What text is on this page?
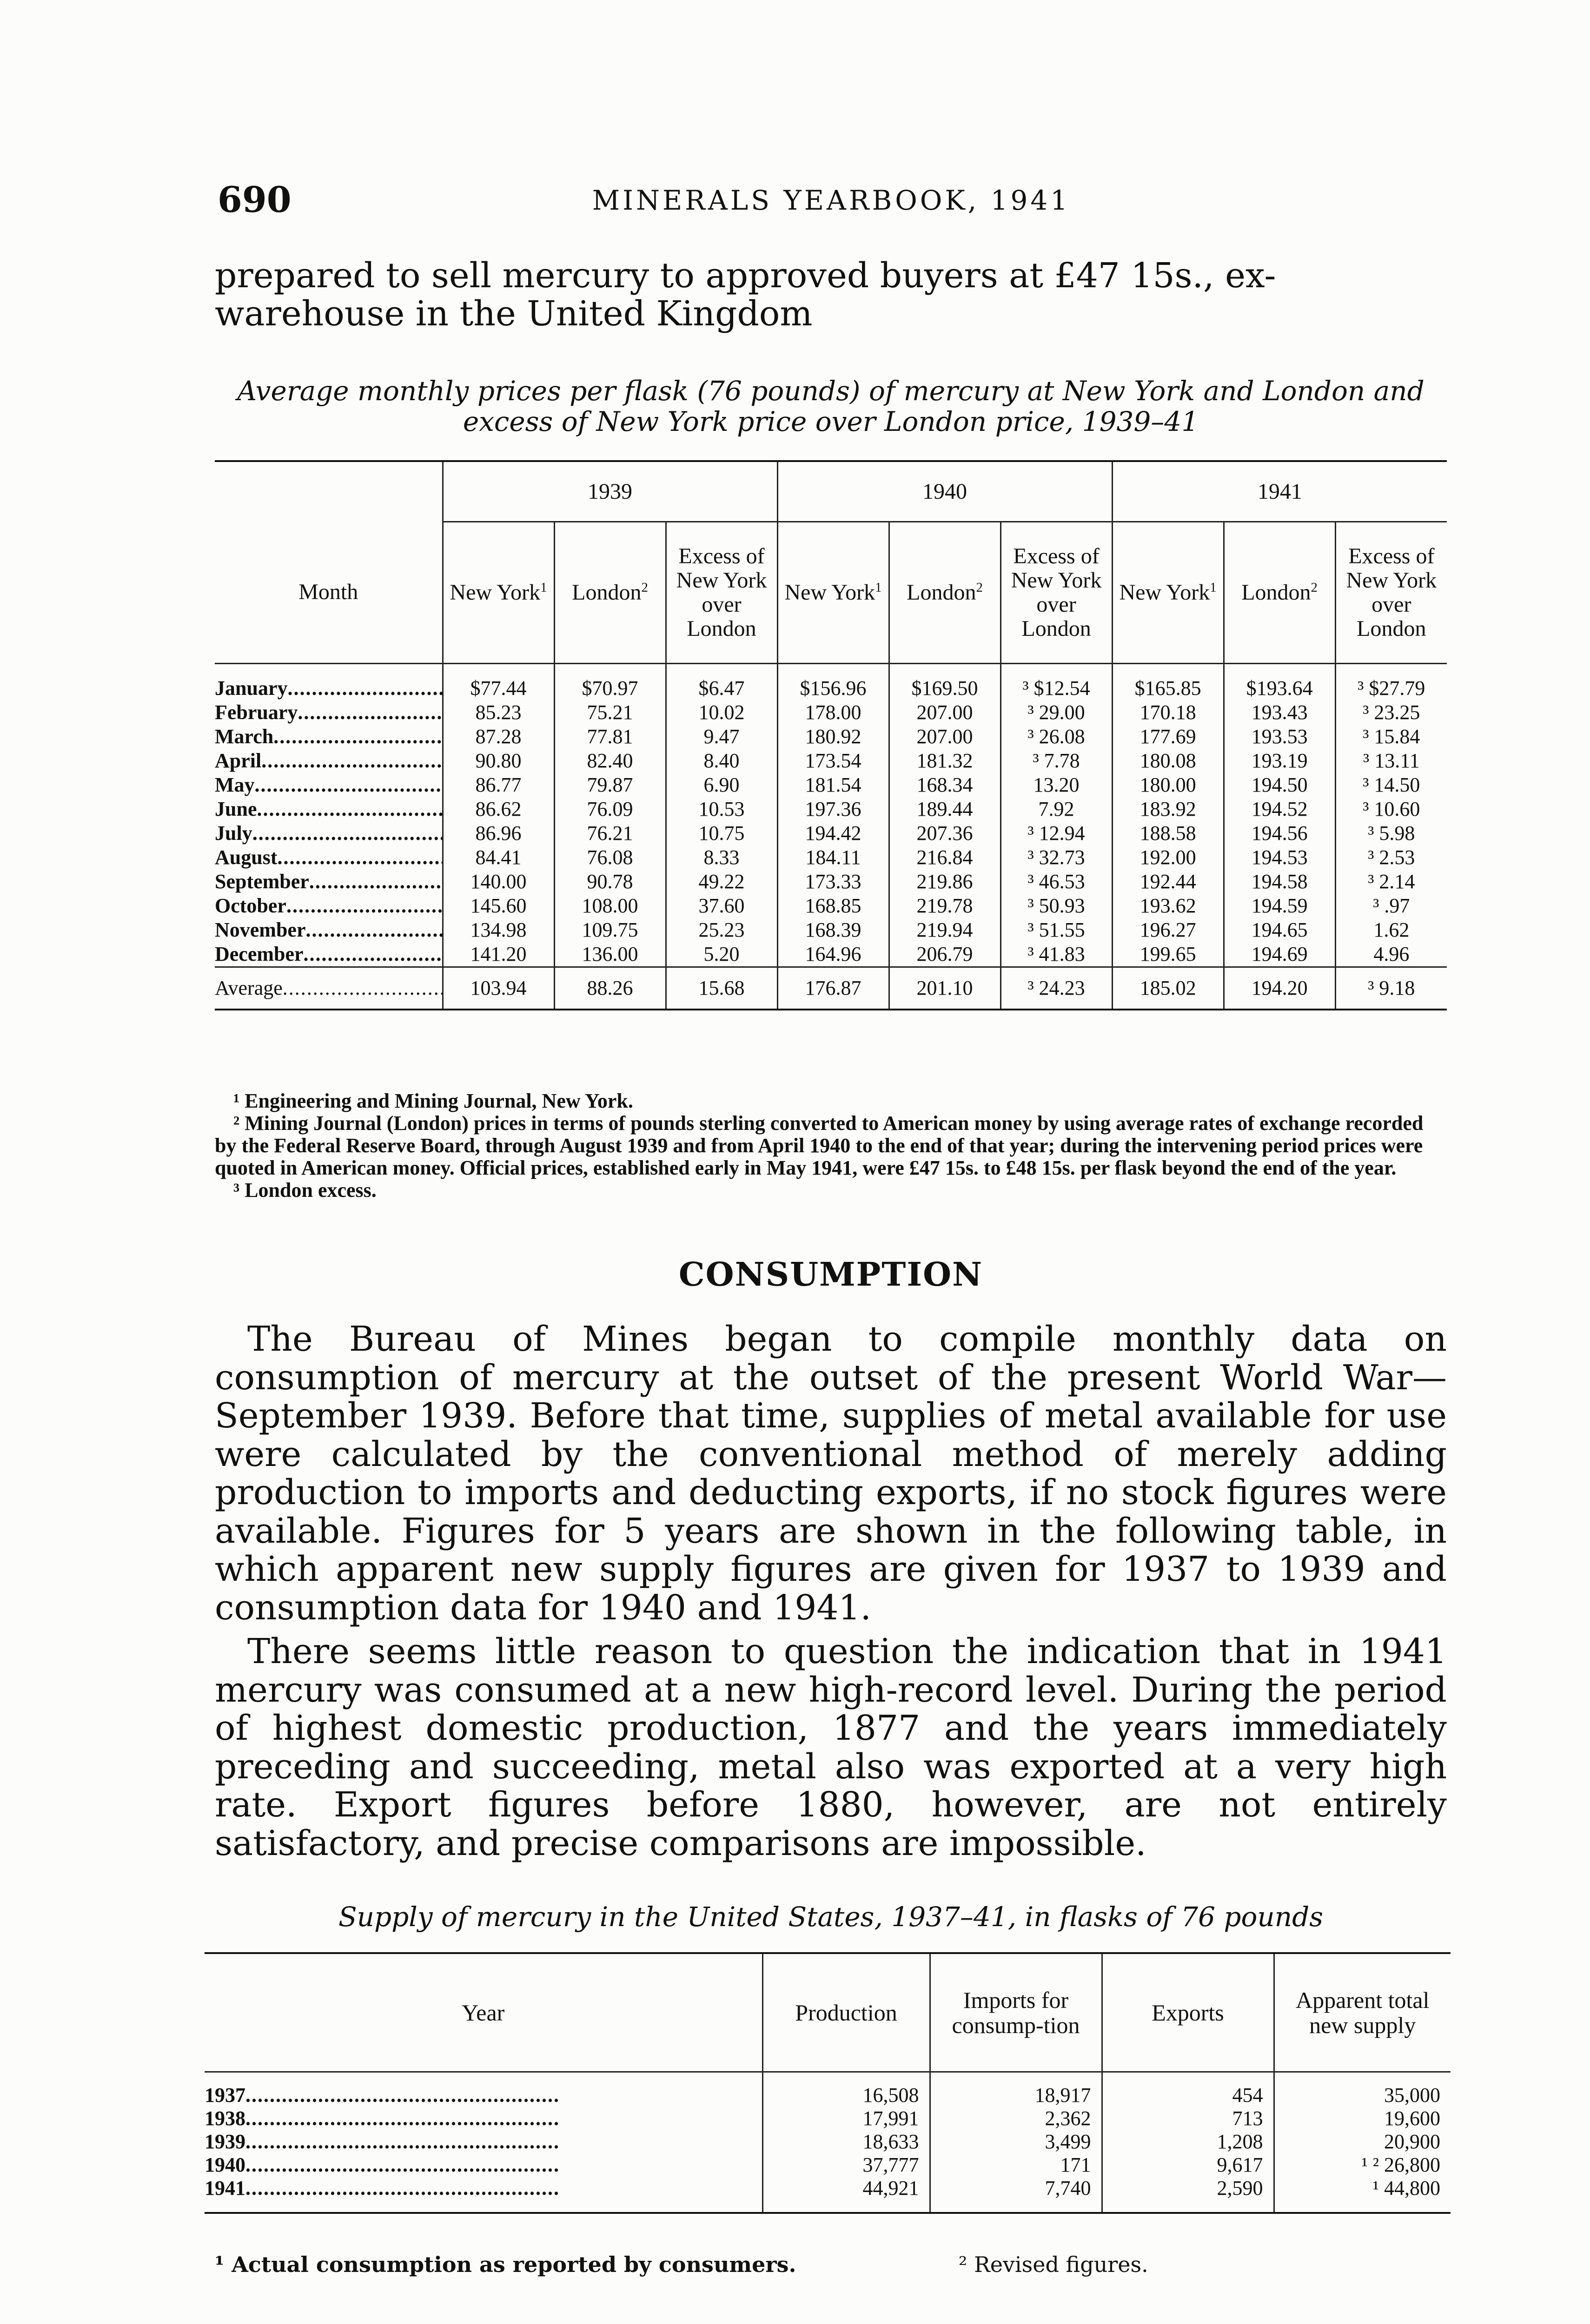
690	MINERALS YEARBOOK, 1941
prepared to sell mercury to approved buyers at £47 15s., ex-warehouse in the United Kingdom
Average monthly prices per flask (76 pounds) of mercury at New York and London and excess of New York price over London price, 1939–41
	1939			1940			1941		
Month	New York$^1$	London$^2$	Excess of New York over London	New York$^1$	London$^2$	Excess of New York over London	New York$^1$	London$^2$	Excess of New York over London
January .....	$77.44	$70.97	$6.47	$156.96	$169.50	³ $12.54	$165.85	$193.64	³ $27.79
February .....	85.23	75.21	10.02	178.00	207.00	³ 29.00	170.18	193.43	³ 23.25
March .....	87.28	77.81	9.47	180.92	207.00	³ 26.08	177.69	193.53	³ 15.84
April .....	90.80	82.40	8.40	173.54	181.32	³ 7.78	180.08	193.19	³ 13.11
May .....	86.77	79.87	6.90	181.54	168.34	13.20	180.00	194.50	³ 14.50
June .....	86.62	76.09	10.53	197.36	189.44	7.92	183.92	194.52	³ 10.60
July .....	86.96	76.21	10.75	194.42	207.36	³ 12.94	188.58	194.56	³ 5.98
August .....	84.41	76.08	8.33	184.11	216.84	³ 32.73	192.00	194.53	³ 2.53
September .....	140.00	90.78	49.22	173.33	219.86	³ 46.53	192.44	194.58	³ 2.14
October .....	145.60	108.00	37.60	168.85	219.78	³ 50.93	193.62	194.59	³ .97
November .....	134.98	109.75	25.23	168.39	219.94	³ 51.55	196.27	194.65	1.62
December .....	141.20	136.00	5.20	164.96	206.79	³ 41.83	199.65	194.69	4.96
Average..... .....	103.94	88.26	15.68	176.87	201.10	³ 24.23	185.02	194.20	³ 9.18

¹ Engineering and Mining Journal, New York.

² Mining Journal (London) prices in terms of pounds sterling converted to American money by using average rates of exchange recorded by the Federal Reserve Board, through August 1939 and from April 1940 to the end of that year; during the intervening period prices were quoted in American money. Official prices, established early in May 1941, were £47 15s. to £48 15s. per flask beyond the end of the year.

³ London excess.

CONSUMPTION

The Bureau of Mines began to compile monthly data on consumption of mercury at the outset of the present World War—September 1939. Before that time, supplies of metal available for use were calculated by the conventional method of merely adding production to imports and deducting exports, if no stock figures were available. Figures for 5 years are shown in the following table, in which apparent new supply figures are given for 1937 to 1939 and consumption data for 1940 and 1941.

There seems little reason to question the indication that in 1941 mercury was consumed at a new high-record level. During the period of highest domestic production, 1877 and the years immediately preceding and succeeding, metal also was exported at a very high rate. Export figures before 1880, however, are not entirely satisfactory, and precise comparisons are impossible.

Supply of mercury in the United States, 1937–41, in flasks of 76 pounds
Year	Production	Imports for consump-tion	Exports	Apparent total new supply
1937 .....	16,508	18,917	454	35,000
1938 .....	17,991	2,362	713	19,600
1939 .....	18,633	3,499	1,208	20,900
1940 .....	37,777	171	9,617	¹ ² 26,800
1941 .....	44,921	7,740	2,590	¹ 44,800
¹ Actual consumption as reported by consumers.	² Revised figures.
